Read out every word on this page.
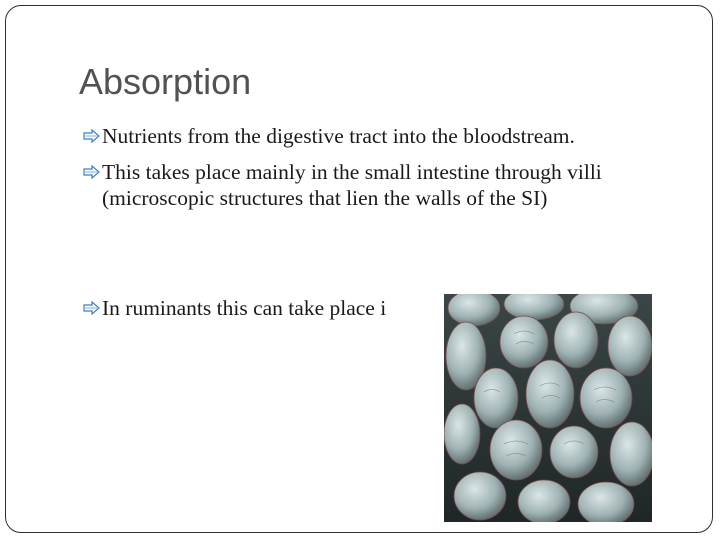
Absorption
Nutrients from the digestive tract into the bloodstream.
This takes place mainly in the small intestine through villi (microscopic structures that lien the walls of the SI)
In ruminants this can take place i
